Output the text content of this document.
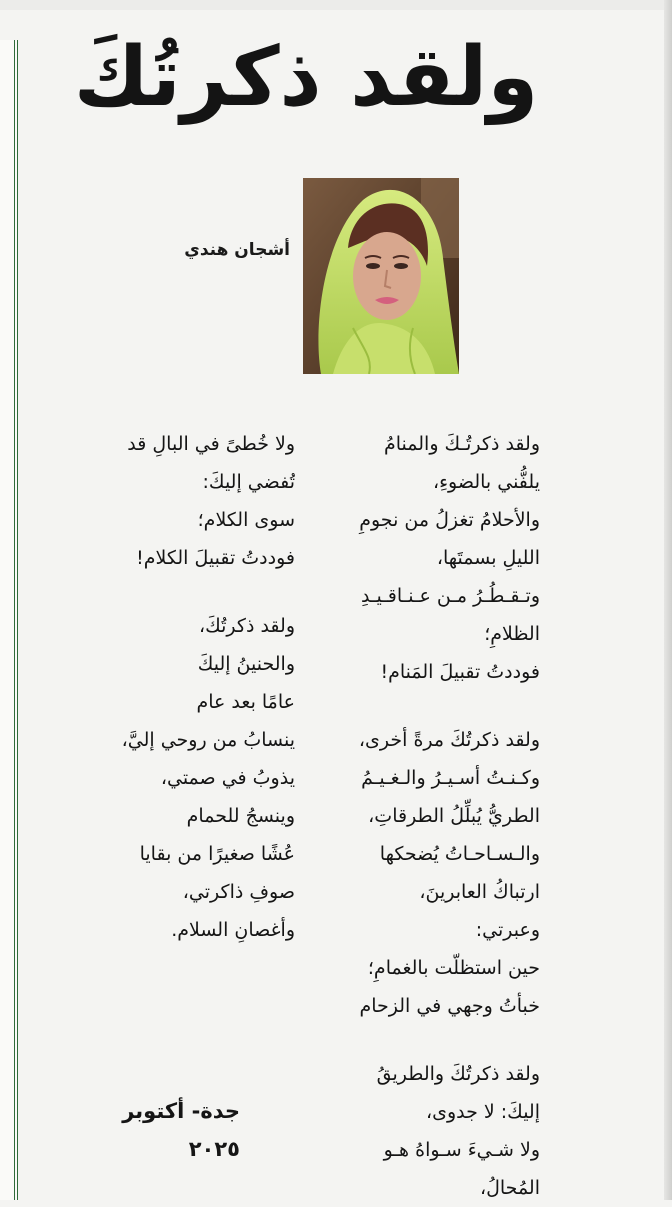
ولقد ذكرتُكَ
أشجان هندي
ولقد ذكرتُـكَ والمنامُ
يلفُّني بالضوءِ،
والأحلامُ تغزلُ من نجومِ
الليلِ بسمتَها،
وتـقـطُـرُ مـن عـنـاقـيـدِ
الظلامِ؛
فوددتُ تقبيلَ المَنام!
ولقد ذكرتُكَ مرةً أخرى،
وكـنـتُ أسـيـرُ والـغـيـمُ
الطريُّ يُبلِّلُ الطرقاتِ،
والـسـاحـاتُ يُضحكها
ارتباكُ العابرينَ،
وعبرتي:
حين استظلّت بالغمامِ؛
خبأتُ وجهي في الزحام
ولقد ذكرتُكَ والطريقُ
إليكَ: لا جدوى،
ولا شـيءَ سـواهُ هـو
المُحالُ،
ولا خُطىً في البالِ قد
تُفضي إليكَ:
سوى الكلام؛
فوددتُ تقبيلَ الكلام!
ولقد ذكرتُكَ،
والحنينُ إليكَ
عامًا بعد عام
ينسابُ من روحي إليَّ،
يذوبُ في صمتي،
وينسجُ للحمام
عُشًا صغيرًا من بقايا
صوفِ ذاكرتي،
وأغصانِ السلام.
جدة- أكتوبر
٢٠٢٥
